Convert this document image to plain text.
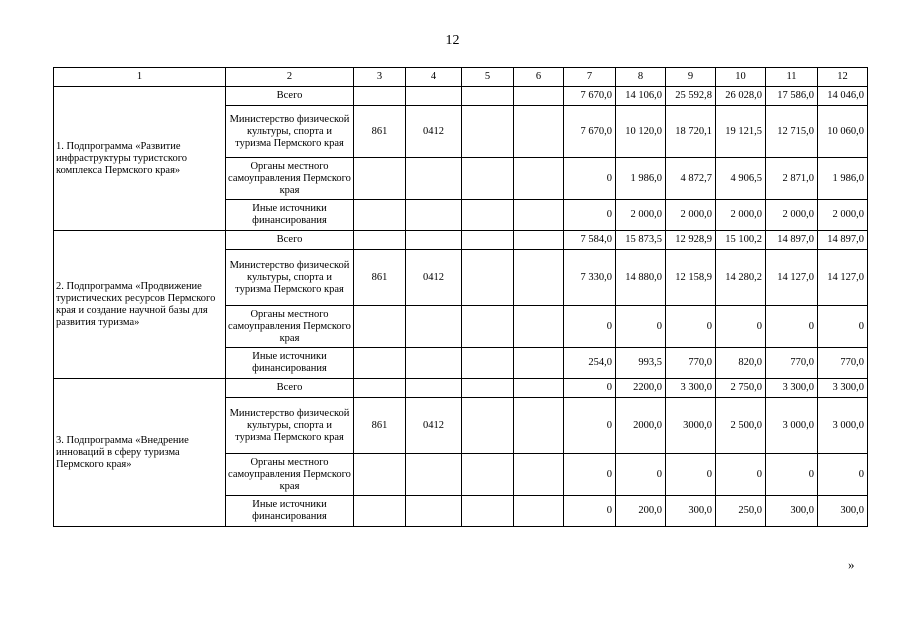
12
1	2	3	4	5	6	7	8	9	10	11	12
1. Подпрограмма «Развитие инфраструктуры туристского комплекса Пермского края»	Всего					7 670,0	14 106,0	25 592,8	26 028,0	17 586,0	14 046,0
	Министерство физической культуры, спорта и туризма Пермского края	861	0412			7 670,0	10 120,0	18 720,1	19 121,5	12 715,0	10 060,0
	Органы местного самоуправления Пермского края					0	1 986,0	4 872,7	4 906,5	2 871,0	1 986,0
	Иные источники финансирования					0	2 000,0	2 000,0	2 000,0	2 000,0	2 000,0
2. Подпрограмма «Продвижение туристических ресурсов Пермского края и создание научной базы для развития туризма»	Всего					7 584,0	15 873,5	12 928,9	15 100,2	14 897,0	14 897,0
	Министерство физической культуры, спорта и туризма Пермского края	861	0412			7 330,0	14 880,0	12 158,9	14 280,2	14 127,0	14 127,0
	Органы местного самоуправления Пермского края					0	0	0	0	0	0
	Иные источники финансирования					254,0	993,5	770,0	820,0	770,0	770,0
3. Подпрограмма «Внедрение инноваций в сферу туризма Пермского края»	Всего					0	2200,0	3 300,0	2 750,0	3 300,0	3 300,0
	Министерство физической культуры, спорта и туризма Пермского края	861	0412			0	2000,0	3000,0	2 500,0	3 000,0	3 000,0
	Органы местного самоуправления Пермского края					0	0	0	0	0	0
	Иные источники финансирования					0	200,0	300,0	250,0	300,0	300,0
»
